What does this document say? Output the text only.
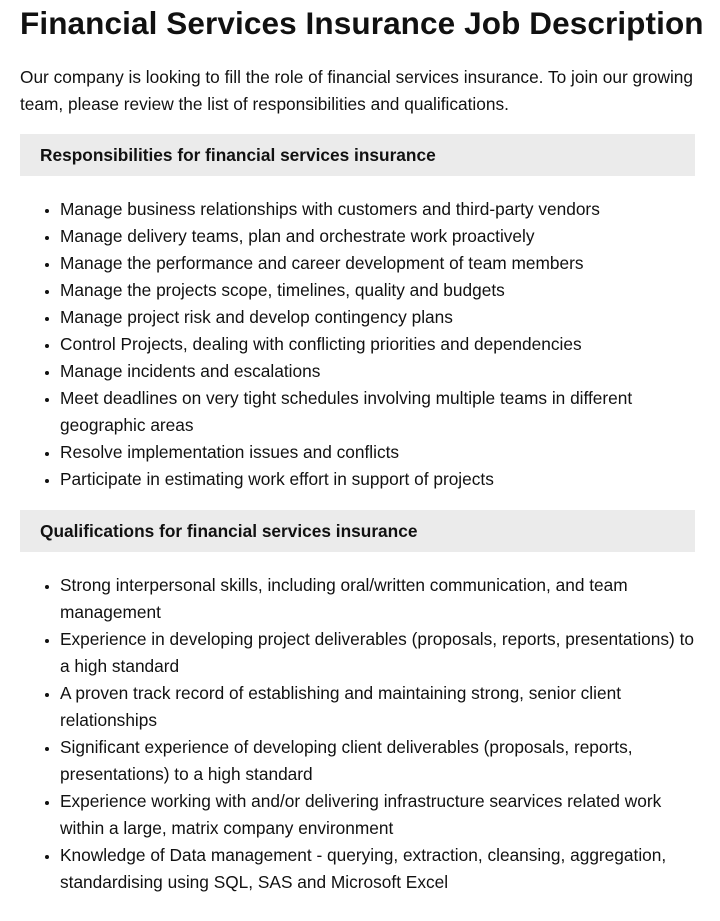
Financial Services Insurance Job Description

Our company is looking to fill the role of financial services insurance. To join our growing team, please review the list of responsibilities and qualifications.

Responsibilities for financial services insurance
• Manage business relationships with customers and third-party vendors
• Manage delivery teams, plan and orchestrate work proactively
• Manage the performance and career development of team members
• Manage the projects scope, timelines, quality and budgets
• Manage project risk and develop contingency plans
• Control Projects, dealing with conflicting priorities and dependencies
• Manage incidents and escalations
• Meet deadlines on very tight schedules involving multiple teams in different geographic areas
• Resolve implementation issues and conflicts
• Participate in estimating work effort in support of projects
Qualifications for financial services insurance
• Strong interpersonal skills, including oral/written communication, and team management
• Experience in developing project deliverables (proposals, reports, presentations) to a high standard
• A proven track record of establishing and maintaining strong, senior client relationships
• Significant experience of developing client deliverables (proposals, reports, presentations) to a high standard
• Experience working with and/or delivering infrastructure searvices related work within a large, matrix company environment
• Knowledge of Data management - querying, extraction, cleansing, aggregation, standardising using SQL, SAS and Microsoft Excel
